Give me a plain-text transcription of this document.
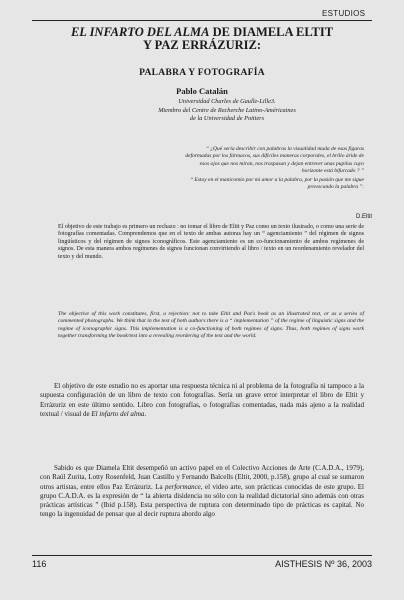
ESTUDIOS
EL INFARTO DEL ALMA DE DIAMELA ELTIT
Y PAZ ERRÁZURIZ:
PALABRA Y FOTOGRAFÍA
Pablo Catalán
Universidad Charles de Gaulle-Lille3.
Miembro del Centre de Recherche Latino-Américaines
de la Universidad de Poitiers

“ ¿Qué sería describir con palabras la visualidad muda de esas figuras deformadas por los fármacos, sus difíciles maneras corporales, el brillo áride de esos ojos que nos miran, nos traspasan y dejan entrever unas pupilas cuyo horizonte está bifurcado ? ”

“ Estoy en el manicomio por mi amor a la palabra, por la pasión que me sigue provocando la palabra ”.

D.Eltit
El objetivo de este trabajo es primero un rechazo : no tomar el libro de Eltit y Paz como un texto ilustrado, o como una serie de fotografías comentadas. Comprendemos que en el texto de ambas autoras hay un “ agenciamiento ” del régimen de signos lingüísticos y del régimen de signos iconográficos. Este agenciamiento es un co-funcionamiento de ambos regímenes de signos. De esta manera ambos regímenes de signos funcionan convirtiendo al libro / texto en un reordenamiento revelador del texto y del mundo.
The objective of this work constitutes, first, a rejection: not to take Eltit and Paz's book as an illustrated text, or as a series of commented photographs. We think that in the text of both authors there is a “ implementation ” of the regime of linguistic signs and the regime of iconographic signs. This implementation is a co-functioning of both regimes of signs. Thus, both regimes of signs work together transforming the book/text into a revealing reordering of the text and the world.

El objetivo de este estudio no es aportar una respuesta técnica ni al problema de la fotografía ni tampoco a la supuesta configuración de un libro de texto con fotografías. Sería un grave error interpretar el libro de Eltit y Errázuriz en este último sentido. Libro con fotografías, o fotografías comentadas, nada más ajeno a la realidad textual / visual de El infarto del alma.

Sabido es que Diamela Eltit desempeñó un activo papel en el Colectivo Acciones de Arte (C.A.D.A., 1979), con Raúl Zurita, Lotty Rosenfeld, Juan Castillo y Fernando Balcells (Eltit, 2000, p.158), grupo al cual se sumaron otros artistas, entre ellos Paz Errázuriz. La performance, el video arte, son prácticas conocidas de este grupo. El grupo C.A.D.A. es la expresión de “ la abierta disidencia no sólo con la realidad dictatorial sino además con otras prácticas artísticas ” (Ibid p.158). Esta perspectiva de ruptura con determinado tipo de prácticas es capital. No tengo la ingenuidad de pensar que al decir ruptura abordo algo

116	AISTHESIS Nº 36, 2003
